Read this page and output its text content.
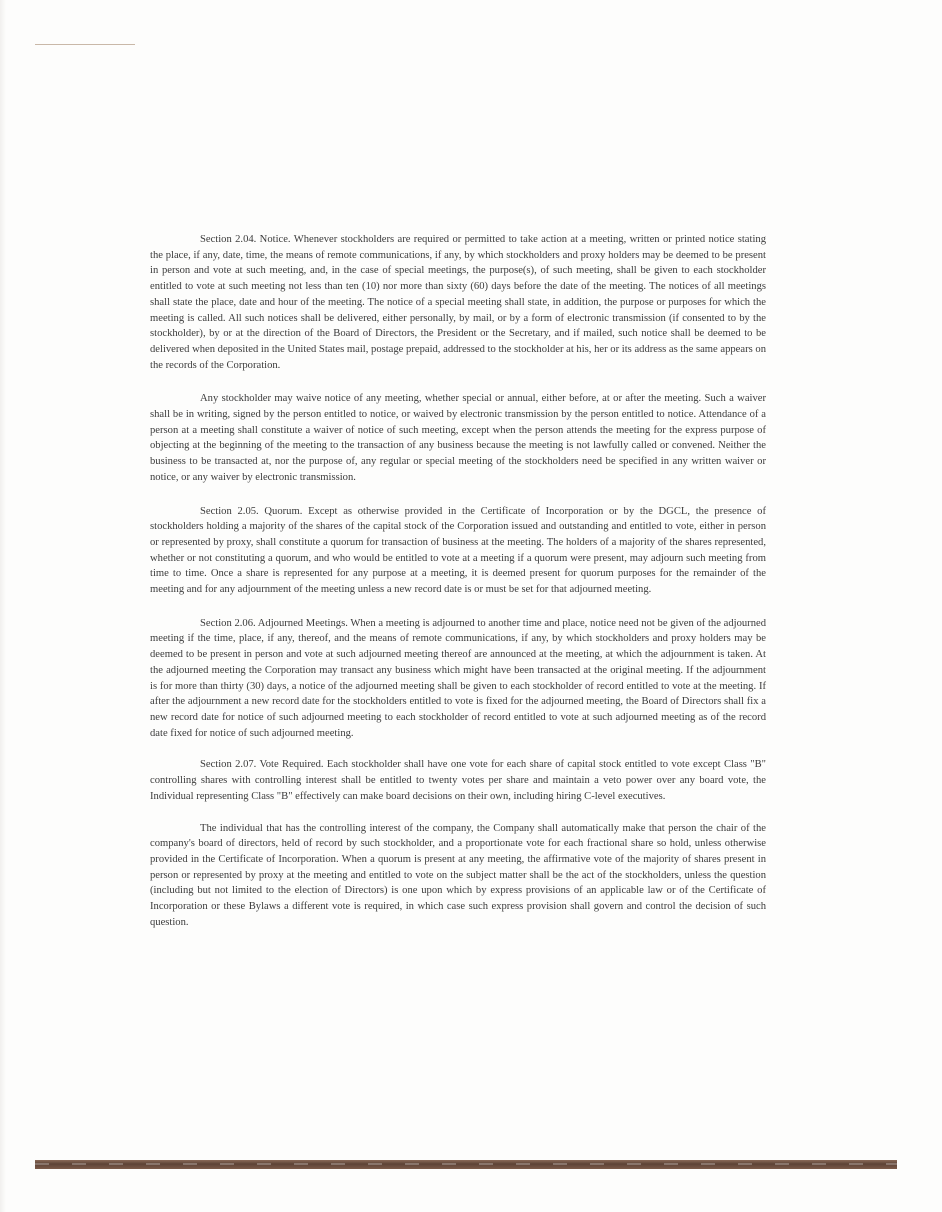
Section 2.04. Notice. Whenever stockholders are required or permitted to take action at a meeting, written or printed notice stating the place, if any, date, time, the means of remote communications, if any, by which stockholders and proxy holders may be deemed to be present in person and vote at such meeting, and, in the case of special meetings, the purpose(s), of such meeting, shall be given to each stockholder entitled to vote at such meeting not less than ten (10) nor more than sixty (60) days before the date of the meeting. The notices of all meetings shall state the place, date and hour of the meeting. The notice of a special meeting shall state, in addition, the purpose or purposes for which the meeting is called. All such notices shall be delivered, either personally, by mail, or by a form of electronic transmission (if consented to by the stockholder), by or at the direction of the Board of Directors, the President or the Secretary, and if mailed, such notice shall be deemed to be delivered when deposited in the United States mail, postage prepaid, addressed to the stockholder at his, her or its address as the same appears on the records of the Corporation.

Any stockholder may waive notice of any meeting, whether special or annual, either before, at or after the meeting. Such a waiver shall be in writing, signed by the person entitled to notice, or waived by electronic transmission by the person entitled to notice. Attendance of a person at a meeting shall constitute a waiver of notice of such meeting, except when the person attends the meeting for the express purpose of objecting at the beginning of the meeting to the transaction of any business because the meeting is not lawfully called or convened. Neither the business to be transacted at, nor the purpose of, any regular or special meeting of the stockholders need be specified in any written waiver or notice, or any waiver by electronic transmission.

Section 2.05. Quorum. Except as otherwise provided in the Certificate of Incorporation or by the DGCL, the presence of stockholders holding a majority of the shares of the capital stock of the Corporation issued and outstanding and entitled to vote, either in person or represented by proxy, shall constitute a quorum for transaction of business at the meeting. The holders of a majority of the shares represented, whether or not constituting a quorum, and who would be entitled to vote at a meeting if a quorum were present, may adjourn such meeting from time to time. Once a share is represented for any purpose at a meeting, it is deemed present for quorum purposes for the remainder of the meeting and for any adjournment of the meeting unless a new record date is or must be set for that adjourned meeting.

Section 2.06. Adjourned Meetings. When a meeting is adjourned to another time and place, notice need not be given of the adjourned meeting if the time, place, if any, thereof, and the means of remote communications, if any, by which stockholders and proxy holders may be deemed to be present in person and vote at such adjourned meeting thereof are announced at the meeting, at which the adjournment is taken. At the adjourned meeting the Corporation may transact any business which might have been transacted at the original meeting. If the adjournment is for more than thirty (30) days, a notice of the adjourned meeting shall be given to each stockholder of record entitled to vote at the meeting. If after the adjournment a new record date for the stockholders entitled to vote is fixed for the adjourned meeting, the Board of Directors shall fix a new record date for notice of such adjourned meeting to each stockholder of record entitled to vote at such adjourned meeting as of the record date fixed for notice of such adjourned meeting.

Section 2.07. Vote Required. Each stockholder shall have one vote for each share of capital stock entitled to vote except Class "B" controlling shares with controlling interest shall be entitled to twenty votes per share and maintain a veto power over any board vote, the Individual representing Class "B" effectively can make board decisions on their own, including hiring C-level executives.

The individual that has the controlling interest of the company, the Company shall automatically make that person the chair of the company's board of directors, held of record by such stockholder, and a proportionate vote for each fractional share so hold, unless otherwise provided in the Certificate of Incorporation. When a quorum is present at any meeting, the affirmative vote of the majority of shares present in person or represented by proxy at the meeting and entitled to vote on the subject matter shall be the act of the stockholders, unless the question (including but not limited to the election of Directors) is one upon which by express provisions of an applicable law or of the Certificate of Incorporation or these Bylaws a different vote is required, in which case such express provision shall govern and control the decision of such question.
